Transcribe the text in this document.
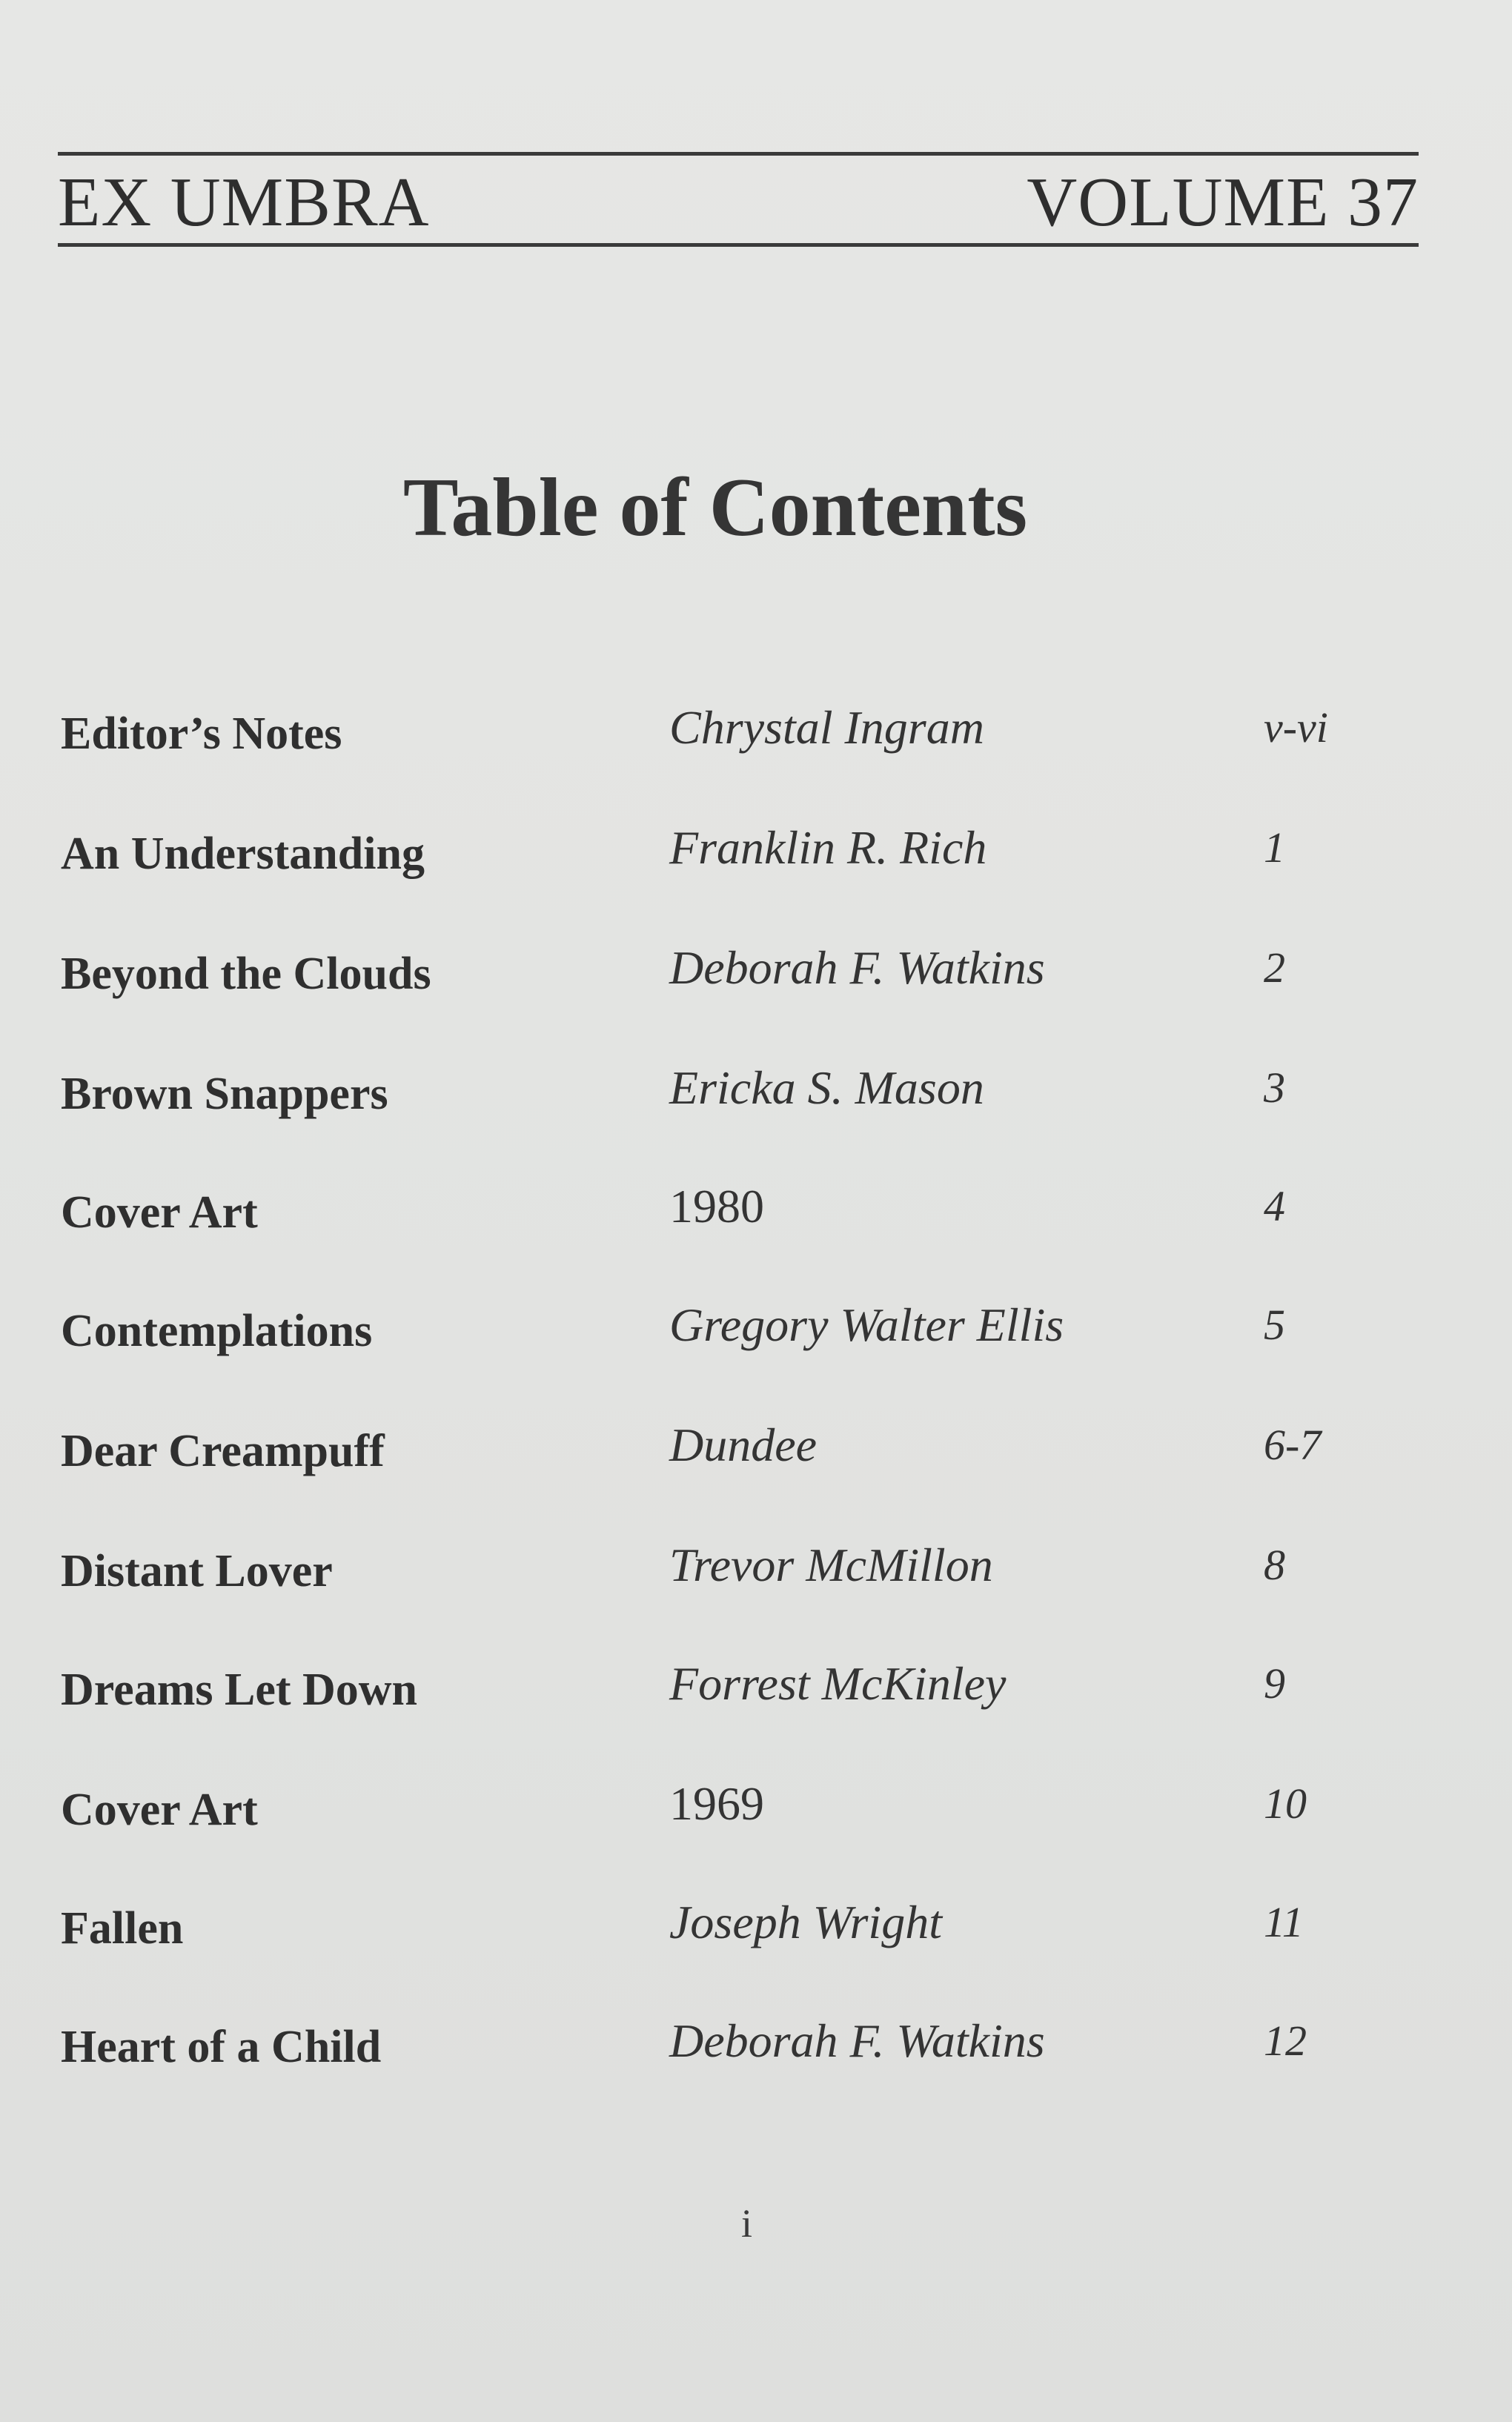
EX UMBRA	VOLUME 37
Table of Contents
Editor’s Notes	Chrystal Ingram	v-vi
An Understanding	Franklin R. Rich	1
Beyond the Clouds	Deborah F. Watkins	2
Brown Snappers	Ericka S. Mason	3
Cover Art	1980	4
Contemplations	Gregory Walter Ellis	5
Dear Creampuff	Dundee	6-7
Distant Lover	Trevor McMillon	8
Dreams Let Down	Forrest McKinley	9
Cover Art	1969	10
Fallen	Joseph Wright	11
Heart of a Child	Deborah F. Watkins	12
i
